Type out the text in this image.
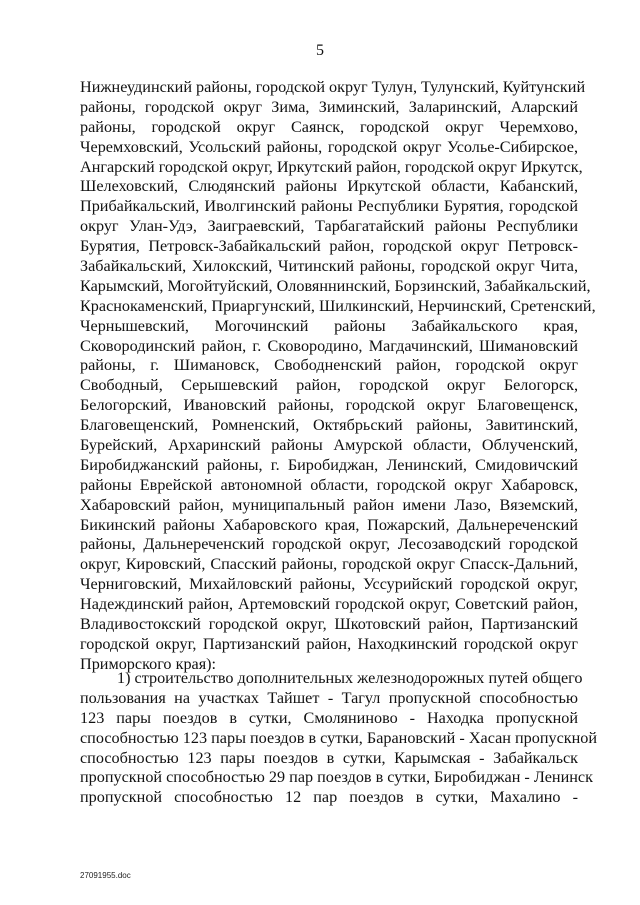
5
Нижнеудинский районы, городской округ Тулун, Тулунский, Куйтунский
районы, городской округ Зима, Зиминский, Заларинский, Аларский
районы, городской округ Саянск, городской округ Черемхово,
Черемховский, Усольский районы, городской округ Усолье-Сибирское,
Ангарский городской округ, Иркутский район, городской округ Иркутск,
Шелеховский, Слюдянский районы Иркутской области, Кабанский,
Прибайкальский, Иволгинский районы Республики Бурятия, городской
округ Улан-Удэ, Заиграевский, Тарбагатайский районы Республики
Бурятия, Петровск-Забайкальский район, городской округ Петровск-
Забайкальский, Хилокский, Читинский районы, городской округ Чита,
Карымский, Могойтуйский, Оловяннинский, Борзинский, Забайкальский,
Краснокаменский, Приаргунский, Шилкинский, Нерчинский, Сретенский,
Чернышевский, Могочинский районы Забайкальского края,
Сковородинский район, г. Сковородино, Магдачинский, Шимановский
районы, г. Шимановск, Свободненский район, городской округ
Свободный, Серышевский район, городской округ Белогорск,
Белогорский, Ивановский районы, городской округ Благовещенск,
Благовещенский, Ромненский, Октябрьский районы, Завитинский,
Бурейский, Архаринский районы Амурской области, Облученский,
Биробиджанский районы, г. Биробиджан, Ленинский, Смидовичский
районы Еврейской автономной области, городской округ Хабаровск,
Хабаровский район, муниципальный район имени Лазо, Вяземский,
Бикинский районы Хабаровского края, Пожарский, Дальнереченский
районы, Дальнереченский городской округ, Лесозаводский городской
округ, Кировский, Спасский районы, городской округ Спасск-Дальний,
Черниговский, Михайловский районы, Уссурийский городской округ,
Надеждинский район, Артемовский городской округ, Советский район,
Владивостокский городской округ, Шкотовский район, Партизанский
городской округ, Партизанский район, Находкинский городской округ
Приморского края):
1) строительство дополнительных железнодорожных путей общего
пользования на участках Тайшет - Тагул пропускной способностью
123 пары поездов в сутки, Смоляниново - Находка пропускной
способностью 123 пары поездов в сутки, Барановский - Хасан пропускной
способностью 123 пары поездов в сутки, Карымская - Забайкальск
пропускной способностью 29 пар поездов в сутки, Биробиджан - Ленинск
пропускной способностью 12 пар поездов в сутки, Махалино -
27091955.doc
